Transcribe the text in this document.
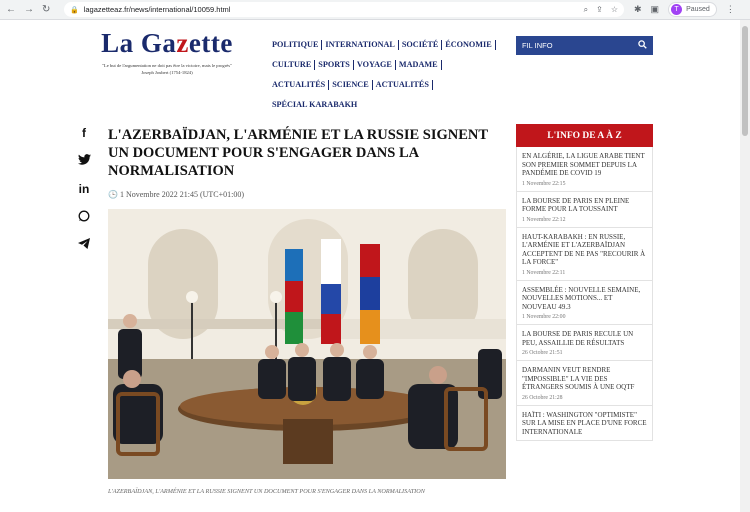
← → ↻	🔒 lagazetteaz.fr/news/international/10059.html	⌕ ⇪ ☆ ✱ ▣	T	Paused ⋮
La Gazette
"Le but de l'argumentation ne doit pas être la victoire, mais le progrès"
Joseph Joubert (1754-1824)
POLITIQUE INTERNATIONAL SOCIÉTÉ ÉCONOMIE
CULTURE SPORTS VOYAGE MADAME
ACTUALITÉS SCIENCE ACTUALITÉS
SPÉCIAL KARABAKH
FIL INFO
f
in
L'AZERBAÏDJAN, L'ARMÉNIE ET LA RUSSIE SIGNENT UN DOCUMENT POUR S'ENGAGER DANS LA NORMALISATION
🕒 1 Novembre 2022 21:45 (UTC+01:00)
L'AZERBAÏDJAN, L'ARMÉNIE ET LA RUSSIE SIGNENT UN DOCUMENT POUR S'ENGAGER DANS LA NORMALISATION
L'INFO DE A À Z
EN ALGÉRIE, LA LIGUE ARABE TIENT SON PREMIER SOMMET DEPUIS LA PANDÉMIE DE COVID 19
1 Novembre 22:15
LA BOURSE DE PARIS EN PLEINE FORME POUR LA TOUSSAINT
1 Novembre 22:12
HAUT-KARABAKH : EN RUSSIE, L'ARMÉNIE ET L'AZERBAÏDJAN ACCEPTENT DE NE PAS "RECOURIR À LA FORCE"
1 Novembre 22:11
ASSEMBLÉE : NOUVELLE SEMAINE, NOUVELLES MOTIONS... ET NOUVEAU 49.3
1 Novembre 22:00
LA BOURSE DE PARIS RECULE UN PEU, ASSAILLIE DE RÉSULTATS
26 Octobre 21:51
DARMANIN VEUT RENDRE "IMPOSSIBLE" LA VIE DES ÉTRANGERS SOUMIS À UNE OQTF
26 Octobre 21:28
HAÏTI : WASHINGTON "OPTIMISTE" SUR LA MISE EN PLACE D'UNE FORCE INTERNATIONALE
